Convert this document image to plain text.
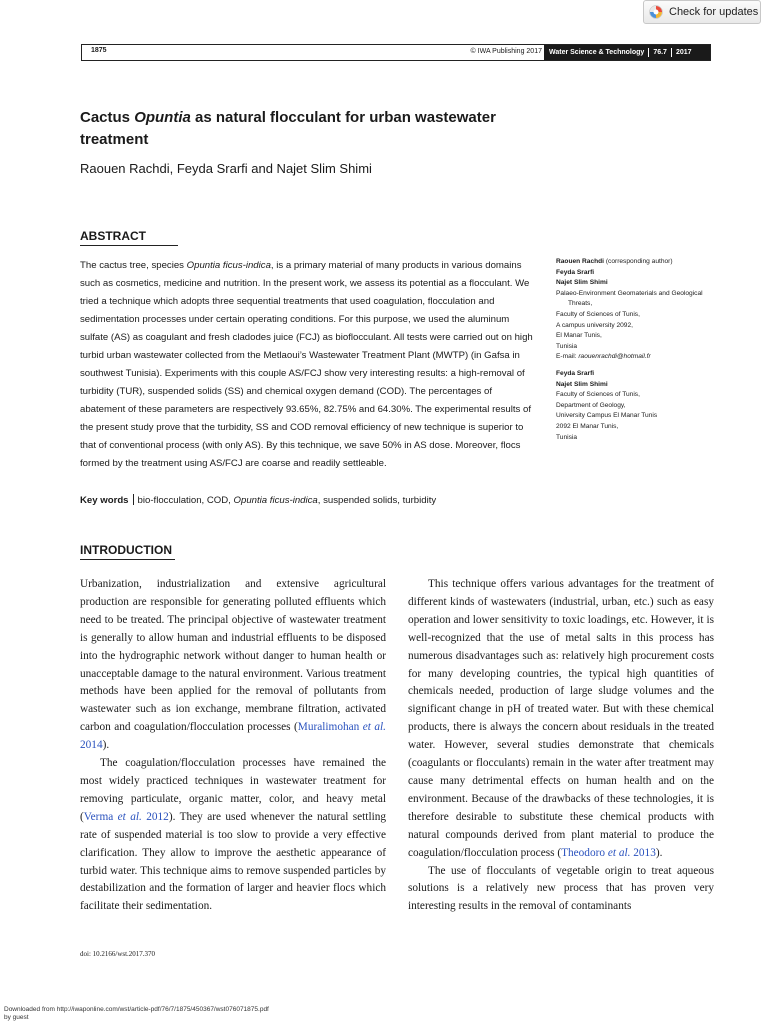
Check for updates
1875	© IWA Publishing 2017 Water Science & Technology 76.7 2017
Cactus Opuntia as natural flocculant for urban wastewater treatment
Raouen Rachdi, Feyda Srarfi and Najet Slim Shimi
ABSTRACT

The cactus tree, species Opuntia ficus-indica, is a primary material of many products in various domains such as cosmetics, medicine and nutrition. In the present work, we assess its potential as a flocculant. We tried a technique which adopts three sequential treatments that used coagulation, flocculation and sedimentation processes under certain operating conditions. For this purpose, we used the aluminum sulfate (AS) as coagulant and fresh cladodes juice (FCJ) as bioflocculant. All tests were carried out on high turbid urban wastewater collected from the Metlaoui’s Wastewater Treatment Plant (MWTP) (in Gafsa in southwest Tunisia). Experiments with this couple AS/FCJ show very interesting results: a high-removal of turbidity (TUR), suspended solids (SS) and chemical oxygen demand (COD). The percentages of abatement of these parameters are respectively 93.65%, 82.75% and 64.30%. The experimental results of the present study prove that the turbidity, SS and COD removal efficiency of new technique is superior to that of conventional process (with only AS). By this technique, we save 50% in AS dose. Moreover, flocs formed by the treatment using AS/FCJ are coarse and readily settleable.

Key words bio-flocculation, COD, Opuntia ficus-indica, suspended solids, turbidity
Raouen Rachdi (corresponding author)
Feyda Srarfi
Najet Slim Shimi
Palaeo-Environment Geomaterials and Geological
Threats,
Faculty of Sciences of Tunis,
A campus university 2092,
El Manar Tunis,
Tunisia
E-mail: raouenrachdi@hotmail.fr
Feyda Srarfi
Najet Slim Shimi
Faculty of Sciences of Tunis,
Department of Geology,
University Campus El Manar Tunis
2092 El Manar Tunis,
Tunisia
INTRODUCTION

Urbanization, industrialization and extensive agricultural production are responsible for generating polluted effluents which need to be treated. The principal objective of wastewater treatment is generally to allow human and industrial effluents to be disposed into the hydrographic network without danger to human health or unacceptable damage to the natural environment. Various treatment methods have been applied for the removal of pollutants from wastewater such as ion exchange, membrane filtration, activated carbon and coagulation/flocculation processes (Muralimohan et al. 2014).

The coagulation/flocculation processes have remained the most widely practiced techniques in wastewater treatment for removing particulate, organic matter, color, and heavy metal (Verma et al. 2012). They are used whenever the natural settling rate of suspended material is too slow to provide a very effective clarification. They allow to improve the aesthetic appearance of turbid water. This technique aims to remove suspended particles by destabilization and the formation of larger and heavier flocs which facilitate their sedimentation.

This technique offers various advantages for the treatment of different kinds of wastewaters (industrial, urban, etc.) such as easy operation and lower sensitivity to toxic loadings, etc. However, it is well-recognized that the use of metal salts in this process has numerous disadvantages such as: relatively high procurement costs for many developing countries, the typical high quantities of chemicals needed, production of large sludge volumes and the significant change in pH of treated water. But with these chemical products, there is always the concern about residuals in the treated water. However, several studies demonstrate that chemicals (coagulants or flocculants) remain in the water after treatment may cause many detrimental effects on human health and on the environment. Because of the drawbacks of these technologies, it is therefore desirable to substitute these chemical products with natural compounds derived from plant material to produce the coagulation/flocculation process (Theodoro et al. 2013).

The use of flocculants of vegetable origin to treat aqueous solutions is a relatively new process that has proven very interesting results in the removal of contaminants

doi: 10.2166/wst.2017.370
Downloaded from http://iwaponline.com/wst/article-pdf/76/7/1875/450367/wst076071875.pdf
by guest
